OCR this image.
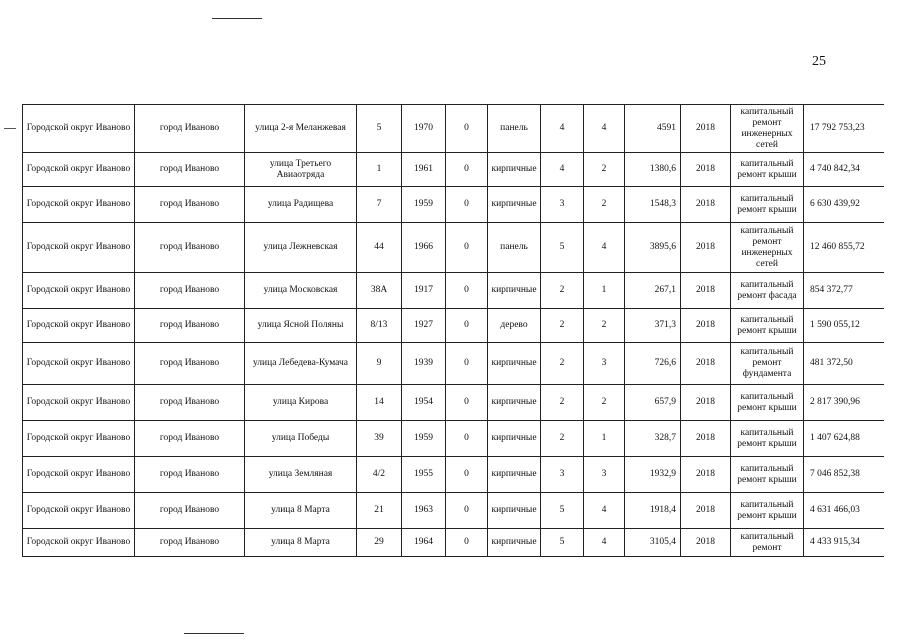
25
Городской округ Иваново	город Иваново	улица 2-я Меланжевая	5	1970	0	панель	4	4	4591	2018	капитальный ремонт инженерных сетей	17 792 753,23
Городской округ Иваново	город Иваново	улица Третьего Авиаотряда	1	1961	0	кирпичные	4	2	1380,6	2018	капитальный ремонт крыши	4 740 842,34
Городской округ Иваново	город Иваново	улица Радищева	7	1959	0	кирпичные	3	2	1548,3	2018	капитальный ремонт крыши	6 630 439,92
Городской округ Иваново	город Иваново	улица Лежневская	44	1966	0	панель	5	4	3895,6	2018	капитальный ремонт инженерных сетей	12 460 855,72
Городской округ Иваново	город Иваново	улица Московская	38А	1917	0	кирпичные	2	1	267,1	2018	капитальный ремонт фасада	854 372,77
Городской округ Иваново	город Иваново	улица Ясной Поляны	8/13	1927	0	дерево	2	2	371,3	2018	капитальный ремонт крыши	1 590 055,12
Городской округ Иваново	город Иваново	улица Лебедева-Кумача	9	1939	0	кирпичные	2	3	726,6	2018	капитальный ремонт фундамента	481 372,50
Городской округ Иваново	город Иваново	улица Кирова	14	1954	0	кирпичные	2	2	657,9	2018	капитальный ремонт крыши	2 817 390,96
Городской округ Иваново	город Иваново	улица Победы	39	1959	0	кирпичные	2	1	328,7	2018	капитальный ремонт крыши	1 407 624,88
Городской округ Иваново	город Иваново	улица Земляная	4/2	1955	0	кирпичные	3	3	1932,9	2018	капитальный ремонт крыши	7 046 852,38
Городской округ Иваново	город Иваново	улица 8 Марта	21	1963	0	кирпичные	5	4	1918,4	2018	капитальный ремонт крыши	4 631 466,03
Городской округ Иваново	город Иваново	улица 8 Марта	29	1964	0	кирпичные	5	4	3105,4	2018	капитальный ремонт	4 433 915,34
